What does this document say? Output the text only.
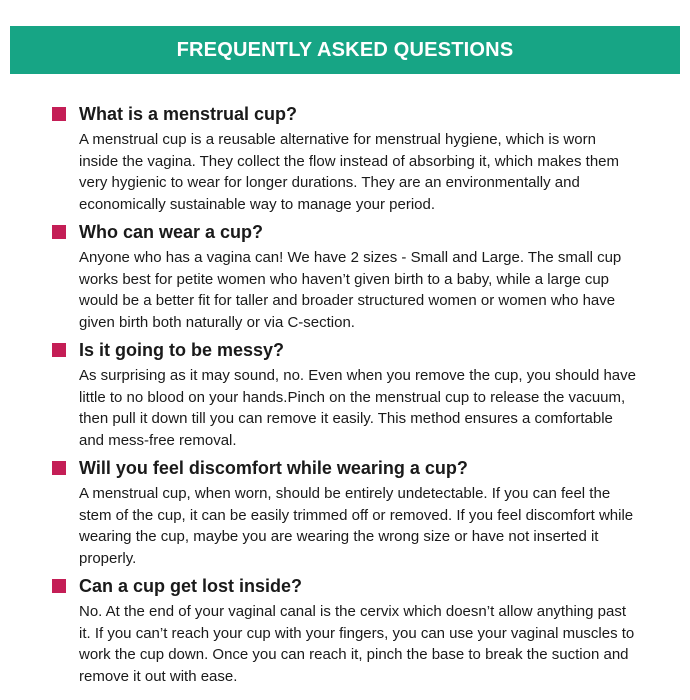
FREQUENTLY ASKED QUESTIONS
What is a menstrual cup?

A menstrual cup is a reusable alternative for menstrual hygiene, which is worn inside the vagina. They collect the flow instead of absorbing it, which makes them very hygienic to wear for longer durations. They are an environmentally and economically sustainable way to manage your period.

Who can wear a cup?

Anyone who has a vagina can! We have 2 sizes - Small and Large. The small cup works best for petite women who haven’t given birth to a baby, while a large cup would be a better fit for taller and broader structured women or women who have given birth both naturally or via C-section.

Is it going to be messy?

As surprising as it may sound, no. Even when you remove the cup, you should have little to no blood on your hands.Pinch on the menstrual cup to release the vacuum, then pull it down till you can remove it easily. This method ensures a comfortable and mess-free removal.

Will you feel discomfort while wearing a cup?

A menstrual cup, when worn, should be entirely undetectable. If you can feel the stem of the cup, it can be easily trimmed off or removed. If you feel discomfort while wearing the cup, maybe you are wearing the wrong size or have not inserted it properly.

Can a cup get lost inside?

No. At the end of your vaginal canal is the cervix which doesn’t allow anything past it. If you can’t reach your cup with your fingers, you can use your vaginal muscles to work the cup down. Once you can reach it, pinch the base to break the suction and remove it out with ease.
